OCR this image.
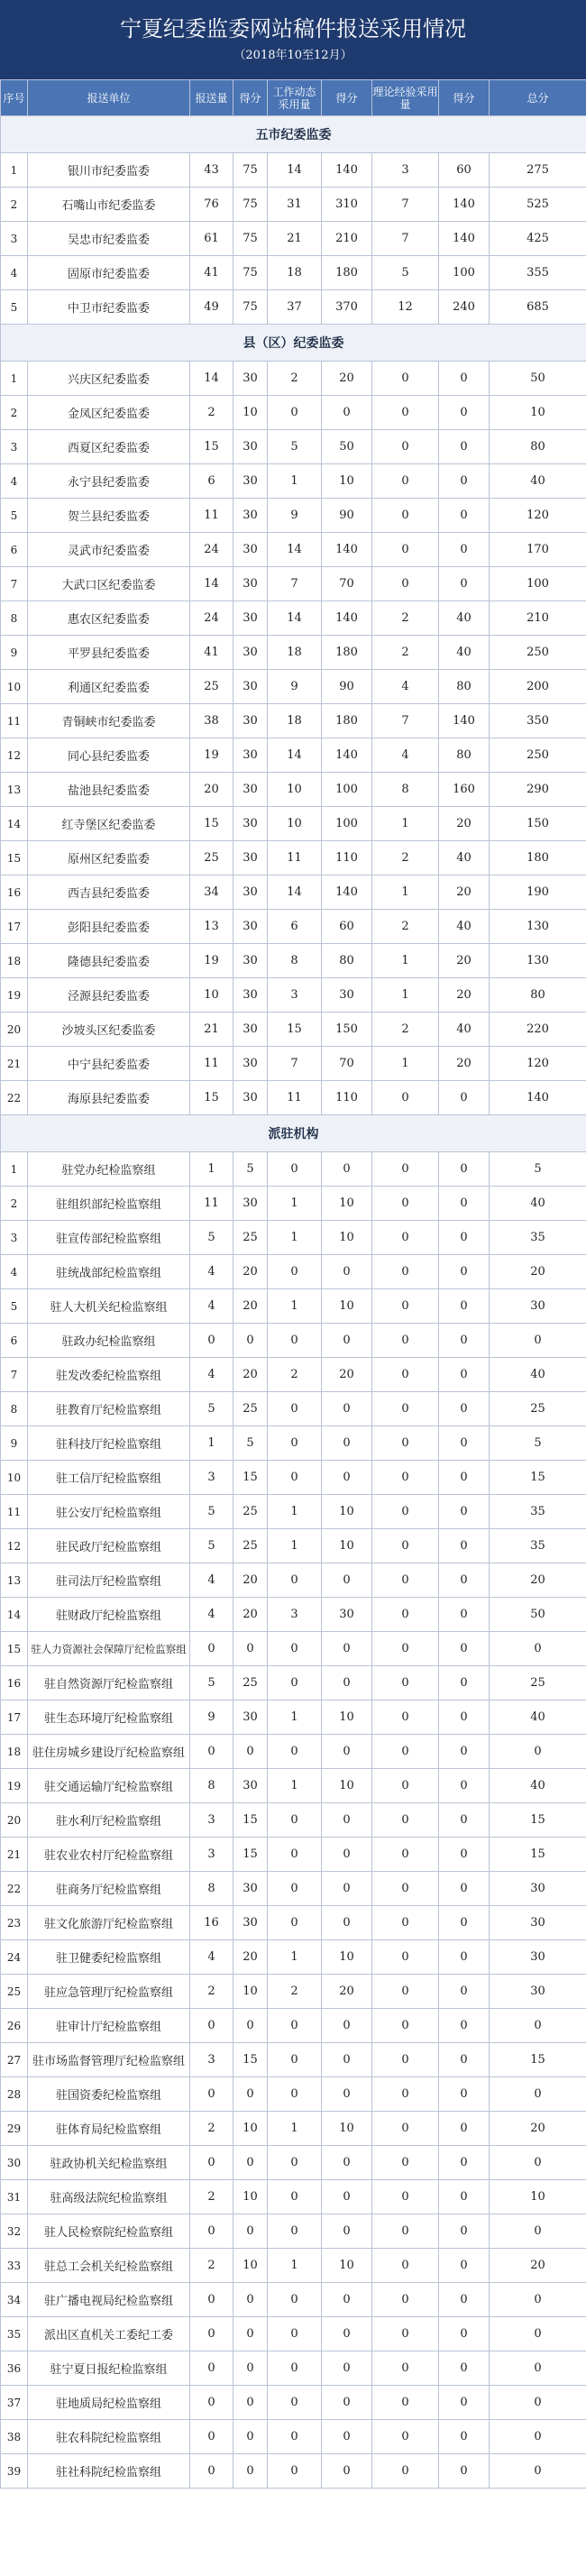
宁夏纪委监委网站稿件报送采用情况
（2018年10至12月）
序号	报送单位	报送量	得分	工作动态采用量	得分	理论经验采用量	得分	总分
五市纪委监委								
1	银川市纪委监委	43	75	14	140	3	60	275
2	石嘴山市纪委监委	76	75	31	310	7	140	525
3	吴忠市纪委监委	61	75	21	210	7	140	425
4	固原市纪委监委	41	75	18	180	5	100	355
5	中卫市纪委监委	49	75	37	370	12	240	685
县（区）纪委监委								
1	兴庆区纪委监委	14	30	2	20	0	0	50
2	金凤区纪委监委	2	10	0	0	0	0	10
3	西夏区纪委监委	15	30	5	50	0	0	80
4	永宁县纪委监委	6	30	1	10	0	0	40
5	贺兰县纪委监委	11	30	9	90	0	0	120
6	灵武市纪委监委	24	30	14	140	0	0	170
7	大武口区纪委监委	14	30	7	70	0	0	100
8	惠农区纪委监委	24	30	14	140	2	40	210
9	平罗县纪委监委	41	30	18	180	2	40	250
10	利通区纪委监委	25	30	9	90	4	80	200
11	青铜峡市纪委监委	38	30	18	180	7	140	350
12	同心县纪委监委	19	30	14	140	4	80	250
13	盐池县纪委监委	20	30	10	100	8	160	290
14	红寺堡区纪委监委	15	30	10	100	1	20	150
15	原州区纪委监委	25	30	11	110	2	40	180
16	西吉县纪委监委	34	30	14	140	1	20	190
17	彭阳县纪委监委	13	30	6	60	2	40	130
18	隆德县纪委监委	19	30	8	80	1	20	130
19	泾源县纪委监委	10	30	3	30	1	20	80
20	沙坡头区纪委监委	21	30	15	150	2	40	220
21	中宁县纪委监委	11	30	7	70	1	20	120
22	海原县纪委监委	15	30	11	110	0	0	140
派驻机构								
1	驻党办纪检监察组	1	5	0	0	0	0	5
2	驻组织部纪检监察组	11	30	1	10	0	0	40
3	驻宣传部纪检监察组	5	25	1	10	0	0	35
4	驻统战部纪检监察组	4	20	0	0	0	0	20
5	驻人大机关纪检监察组	4	20	1	10	0	0	30
6	驻政办纪检监察组	0	0	0	0	0	0	0
7	驻发改委纪检监察组	4	20	2	20	0	0	40
8	驻教育厅纪检监察组	5	25	0	0	0	0	25
9	驻科技厅纪检监察组	1	5	0	0	0	0	5
10	驻工信厅纪检监察组	3	15	0	0	0	0	15
11	驻公安厅纪检监察组	5	25	1	10	0	0	35
12	驻民政厅纪检监察组	5	25	1	10	0	0	35
13	驻司法厅纪检监察组	4	20	0	0	0	0	20
14	驻财政厅纪检监察组	4	20	3	30	0	0	50
15	驻人力资源社会保障厅纪检监察组	0	0	0	0	0	0	0
16	驻自然资源厅纪检监察组	5	25	0	0	0	0	25
17	驻生态环境厅纪检监察组	9	30	1	10	0	0	40
18	驻住房城乡建设厅纪检监察组	0	0	0	0	0	0	0
19	驻交通运输厅纪检监察组	8	30	1	10	0	0	40
20	驻水利厅纪检监察组	3	15	0	0	0	0	15
21	驻农业农村厅纪检监察组	3	15	0	0	0	0	15
22	驻商务厅纪检监察组	8	30	0	0	0	0	30
23	驻文化旅游厅纪检监察组	16	30	0	0	0	0	30
24	驻卫健委纪检监察组	4	20	1	10	0	0	30
25	驻应急管理厅纪检监察组	2	10	2	20	0	0	30
26	驻审计厅纪检监察组	0	0	0	0	0	0	0
27	驻市场监督管理厅纪检监察组	3	15	0	0	0	0	15
28	驻国资委纪检监察组	0	0	0	0	0	0	0
29	驻体育局纪检监察组	2	10	1	10	0	0	20
30	驻政协机关纪检监察组	0	0	0	0	0	0	0
31	驻高级法院纪检监察组	2	10	0	0	0	0	10
32	驻人民检察院纪检监察组	0	0	0	0	0	0	0
33	驻总工会机关纪检监察组	2	10	1	10	0	0	20
34	驻广播电视局纪检监察组	0	0	0	0	0	0	0
35	派出区直机关工委纪工委	0	0	0	0	0	0	0
36	驻宁夏日报纪检监察组	0	0	0	0	0	0	0
37	驻地质局纪检监察组	0	0	0	0	0	0	0
38	驻农科院纪检监察组	0	0	0	0	0	0	0
39	驻社科院纪检监察组	0	0	0	0	0	0	0
